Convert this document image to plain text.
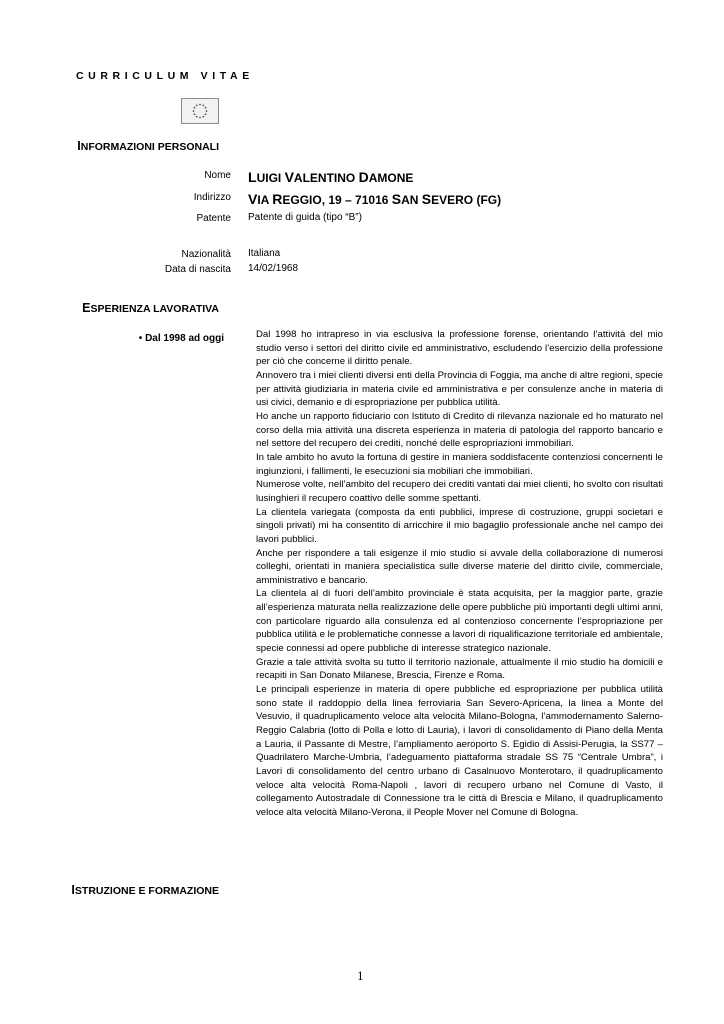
CURRICULUM VITAE
INFORMAZIONI PERSONALI
Nome LUIGI VALENTINO DAMONE
Indirizzo VIA REGGIO, 19 – 71016 SAN SEVERO (FG)
Patente Patente di guida (tipo “B”)
Nazionalità Italiana
Data di nascita 14/02/1968
ESPERIENZA LAVORATIVA
• Dal 1998 ad oggi	Dal 1998 ho intrapreso in via esclusiva la professione forense, orientando l’attività del mio studio verso i settori del diritto civile ed amministrativo, escludendo l’esercizio della professione per ciò che concerne il diritto penale.

Annovero tra i miei clienti diversi enti della Provincia di Foggia, ma anche di altre regioni, specie per attività giudiziaria in materia civile ed amministrativa e per consulenze anche in materia di usi civici, demanio e di espropriazione per pubblica utilità.

Ho anche un rapporto fiduciario con Istituto di Credito di rilevanza nazionale ed ho maturato nel corso della mia attività una discreta esperienza in materia di patologia del rapporto bancario e nel settore del recupero dei crediti, nonché delle espropriazioni immobiliari.

In tale ambito ho avuto la fortuna di gestire in maniera soddisfacente contenziosi concernenti le ingiunzioni, i fallimenti, le esecuzioni sia mobiliari che immobiliari.

Numerose volte, nell’ambito del recupero dei crediti vantati dai miei clienti, ho svolto con risultati lusinghieri il recupero coattivo delle somme spettanti.

La clientela variegata (composta da enti pubblici, imprese di costruzione, gruppi societari e singoli privati) mi ha consentito di arricchire il mio bagaglio professionale anche nel campo dei lavori pubblici.

Anche per rispondere a tali esigenze il mio studio si avvale della collaborazione di numerosi colleghi, orientati in maniera specialistica sulle diverse materie del diritto civile, commerciale, amministrativo e bancario.

La clientela al di fuori dell’ambito provinciale è stata acquisita, per la maggior parte, grazie all’esperienza maturata nella realizzazione delle opere pubbliche più importanti degli ultimi anni, con particolare riguardo alla consulenza ed al contenzioso concernente l’espropriazione per pubblica utilità e le problematiche connesse a lavori di riqualificazione territoriale ed ambientale, specie connessi ad opere pubbliche di interesse strategico nazionale.

Grazie a tale attività svolta su tutto il territorio nazionale, attualmente il mio studio ha domicili e recapiti in San Donato Milanese, Brescia, Firenze e Roma.

Le principali esperienze in materia di opere pubbliche ed espropriazione per pubblica utilità sono state il raddoppio della linea ferroviaria San Severo-Apricena, la linea a Monte del Vesuvio, il quadruplicamento veloce alta velocità Milano-Bologna, l’ammodernamento Salerno-Reggio Calabria (lotto di Polla e lotto di Lauria), i lavori di consolidamento di Piano della Menta a Lauria, il Passante di Mestre, l’ampliamento aeroporto S. Egidio di Assisi-Perugia, la SS77 – Quadrilatero Marche-Umbria, l’adeguamento piattaforma stradale SS 75 “Centrale Umbra”, i Lavori di consolidamento del centro urbano di Casalnuovo Monterotaro, il quadruplicamento veloce alta velocità Roma-Napoli , lavori di recupero urbano nel Comune di Vasto, il collegamento Autostradale di Connessione tra le città di Brescia e Milano, il quadruplicamento veloce alta velocità Milano-Verona, il People Mover nel Comune di Bologna.

ISTRUZIONE E FORMAZIONE
1
